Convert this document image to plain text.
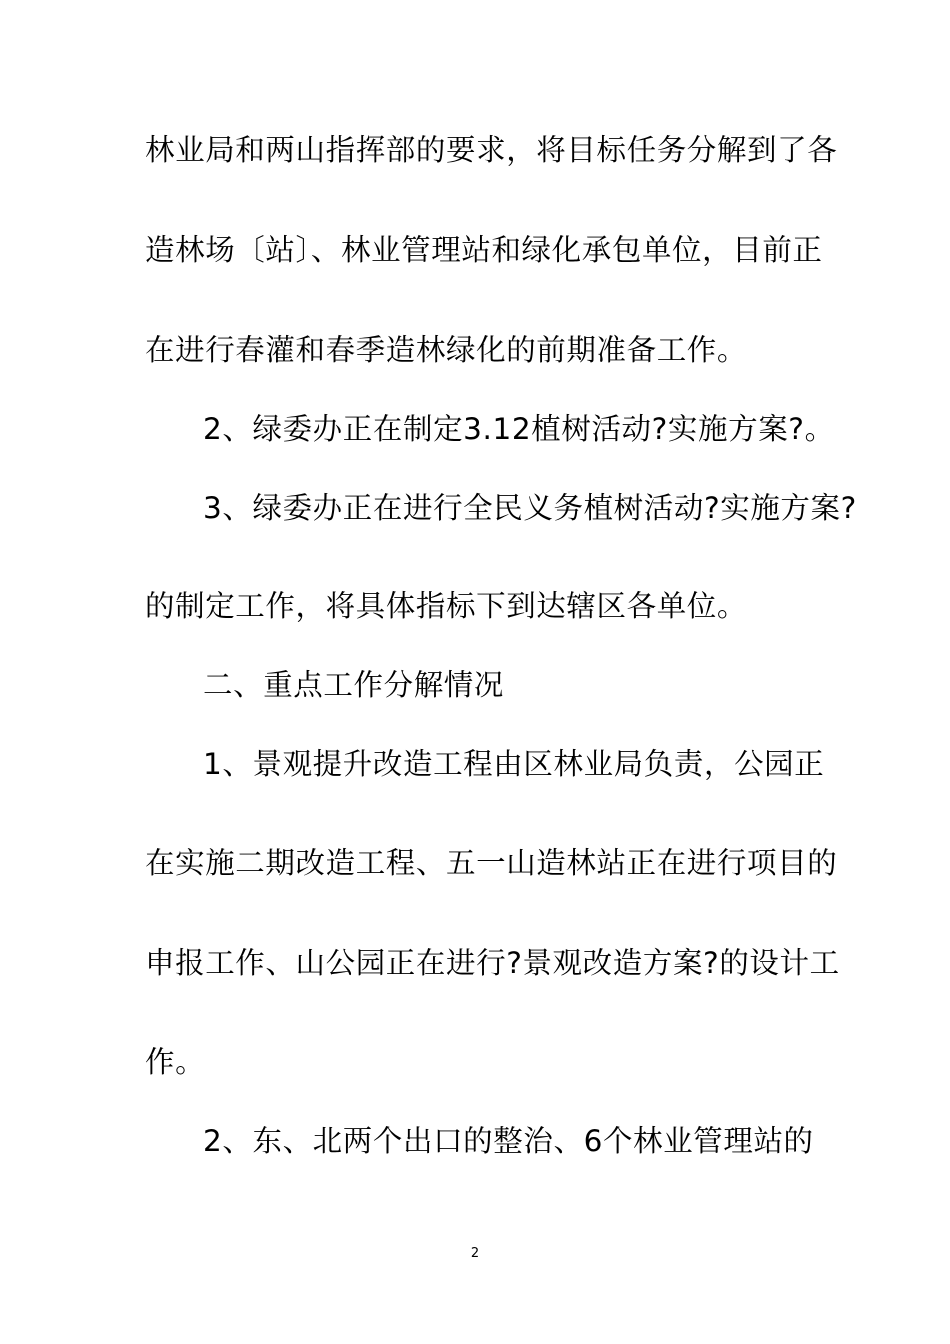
林业局和两山指挥部的要求，将目标任务分解到了各
造林场〔站〕、林业管理站和绿化承包单位，目前正
在进行春灌和春季造林绿化的前期准备工作。
2、绿委办正在制定3.12植树活动?实施方案?。
3、绿委办正在进行全民义务植树活动?实施方案?
的制定工作，将具体指标下到达辖区各单位。
二、重点工作分解情况
1、景观提升改造工程由区林业局负责，公园正
在实施二期改造工程、五一山造林站正在进行项目的
申报工作、山公园正在进行?景观改造方案?的设计工
作。
2、东、北两个出口的整治、6个林业管理站的
2
